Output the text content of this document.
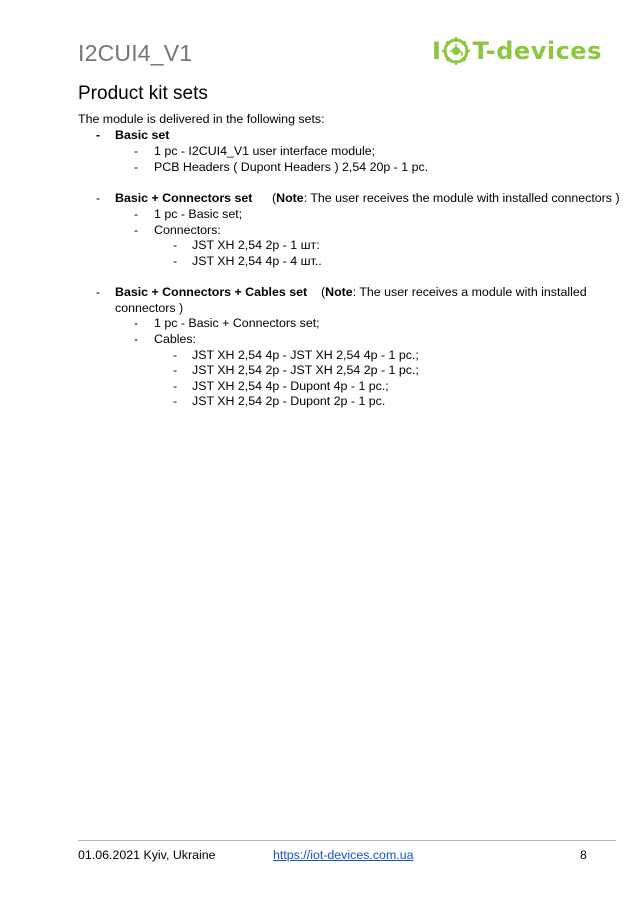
I2CUI4_V1	I T-devices
Product kit sets
The module is delivered in the following sets:
- Basic set
- 1 pc - I2CUI4_V1 user interface module;
- PCB Headers ( Dupont Headers ) 2,54 20p - 1 pc.
- Basic + Connectors set (Note: The user receives the module with installed connectors )
- 1 pc - Basic set;
- Connectors:
- JST XH 2,54 2p - 1 шт:
- JST XH 2,54 4p - 4 шт..
- Basic + Connectors + Cables set (Note: The user receives a module with installed
connectors )
- 1 pc - Basic + Connectors set;
- Cables:
- JST XH 2,54 4p - JST XH 2,54 4p - 1 pc.;
- JST XH 2,54 2p - JST XH 2,54 2p - 1 pc.;
- JST XH 2,54 4p - Dupont 4p - 1 pc.;
- JST XH 2,54 2p - Dupont 2p - 1 pc.
01.06.2021 Kyiv, Ukraine	https://iot-devices.com.ua	8
